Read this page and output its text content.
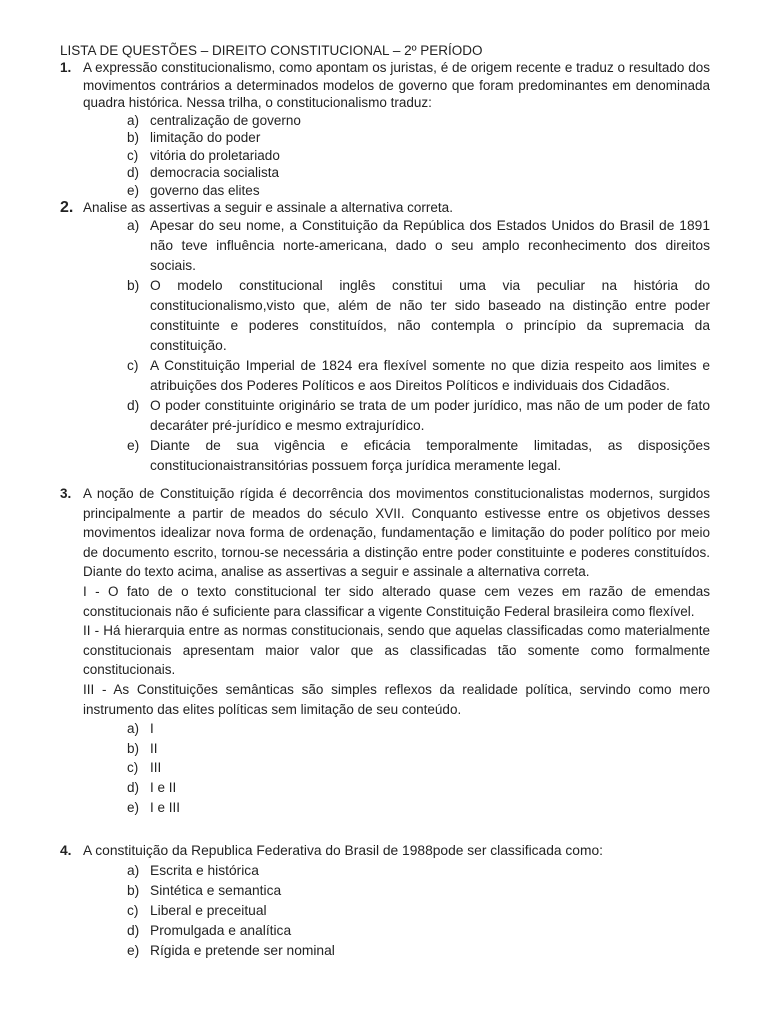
LISTA DE QUESTÕES – DIREITO CONSTITUCIONAL – 2º PERÍODO

1. A expressão constitucionalismo, como apontam os juristas, é de origem recente e traduz o resultado dos movimentos contrários a determinados modelos de governo que foram predominantes em denominada quadra histórica. Nessa trilha, o constitucionalismo traduz:
a) centralização de governo
b) limitação do poder
c) vitória do proletariado
d) democracia socialista
e) governo das elites
2. Analise as assertivas a seguir e assinale a alternativa correta.
a) Apesar do seu nome, a Constituição da República dos Estados Unidos do Brasil de 1891 não teve influência norte-americana, dado o seu amplo reconhecimento dos direitos sociais.
b) O modelo constitucional inglês constitui uma via peculiar na história do constitucionalismo,visto que, além de não ter sido baseado na distinção entre poder constituinte e poderes constituídos, não contempla o princípio da supremacia da constituição.
c) A Constituição Imperial de 1824 era flexível somente no que dizia respeito aos limites e atribuições dos Poderes Políticos e aos Direitos Políticos e individuais dos Cidadãos.
d) O poder constituinte originário se trata de um poder jurídico, mas não de um poder de fato decaráter pré-jurídico e mesmo extrajurídico.
e) Diante de sua vigência e eficácia temporalmente limitadas, as disposições constitucionaistransitórias possuem força jurídica meramente legal.
3. A noção de Constituição rígida é decorrência dos movimentos constitucionalistas modernos, surgidos principalmente a partir de meados do século XVII. Conquanto estivesse entre os objetivos desses movimentos idealizar nova forma de ordenação, fundamentação e limitação do poder político por meio de documento escrito, tornou-se necessária a distinção entre poder constituinte e poderes constituídos. Diante do texto acima, analise as assertivas a seguir e assinale a alternativa correta.
I - O fato de o texto constitucional ter sido alterado quase cem vezes em razão de emendas constitucionais não é suficiente para classificar a vigente Constituição Federal brasileira como flexível.
II - Há hierarquia entre as normas constitucionais, sendo que aquelas classificadas como materialmente constitucionais apresentam maior valor que as classificadas tão somente como formalmente constitucionais.
III - As Constituições semânticas são simples reflexos da realidade política, servindo como mero instrumento das elites políticas sem limitação de seu conteúdo.
a) I
b) II
c) III
d) I e II
e) I e III
4. A constituição da Republica Federativa do Brasil de 1988pode ser classificada como:
a) Escrita e histórica
b) Sintética e semantica
c) Liberal e preceitual
d) Promulgada e analítica
e) Rígida e pretende ser nominal
